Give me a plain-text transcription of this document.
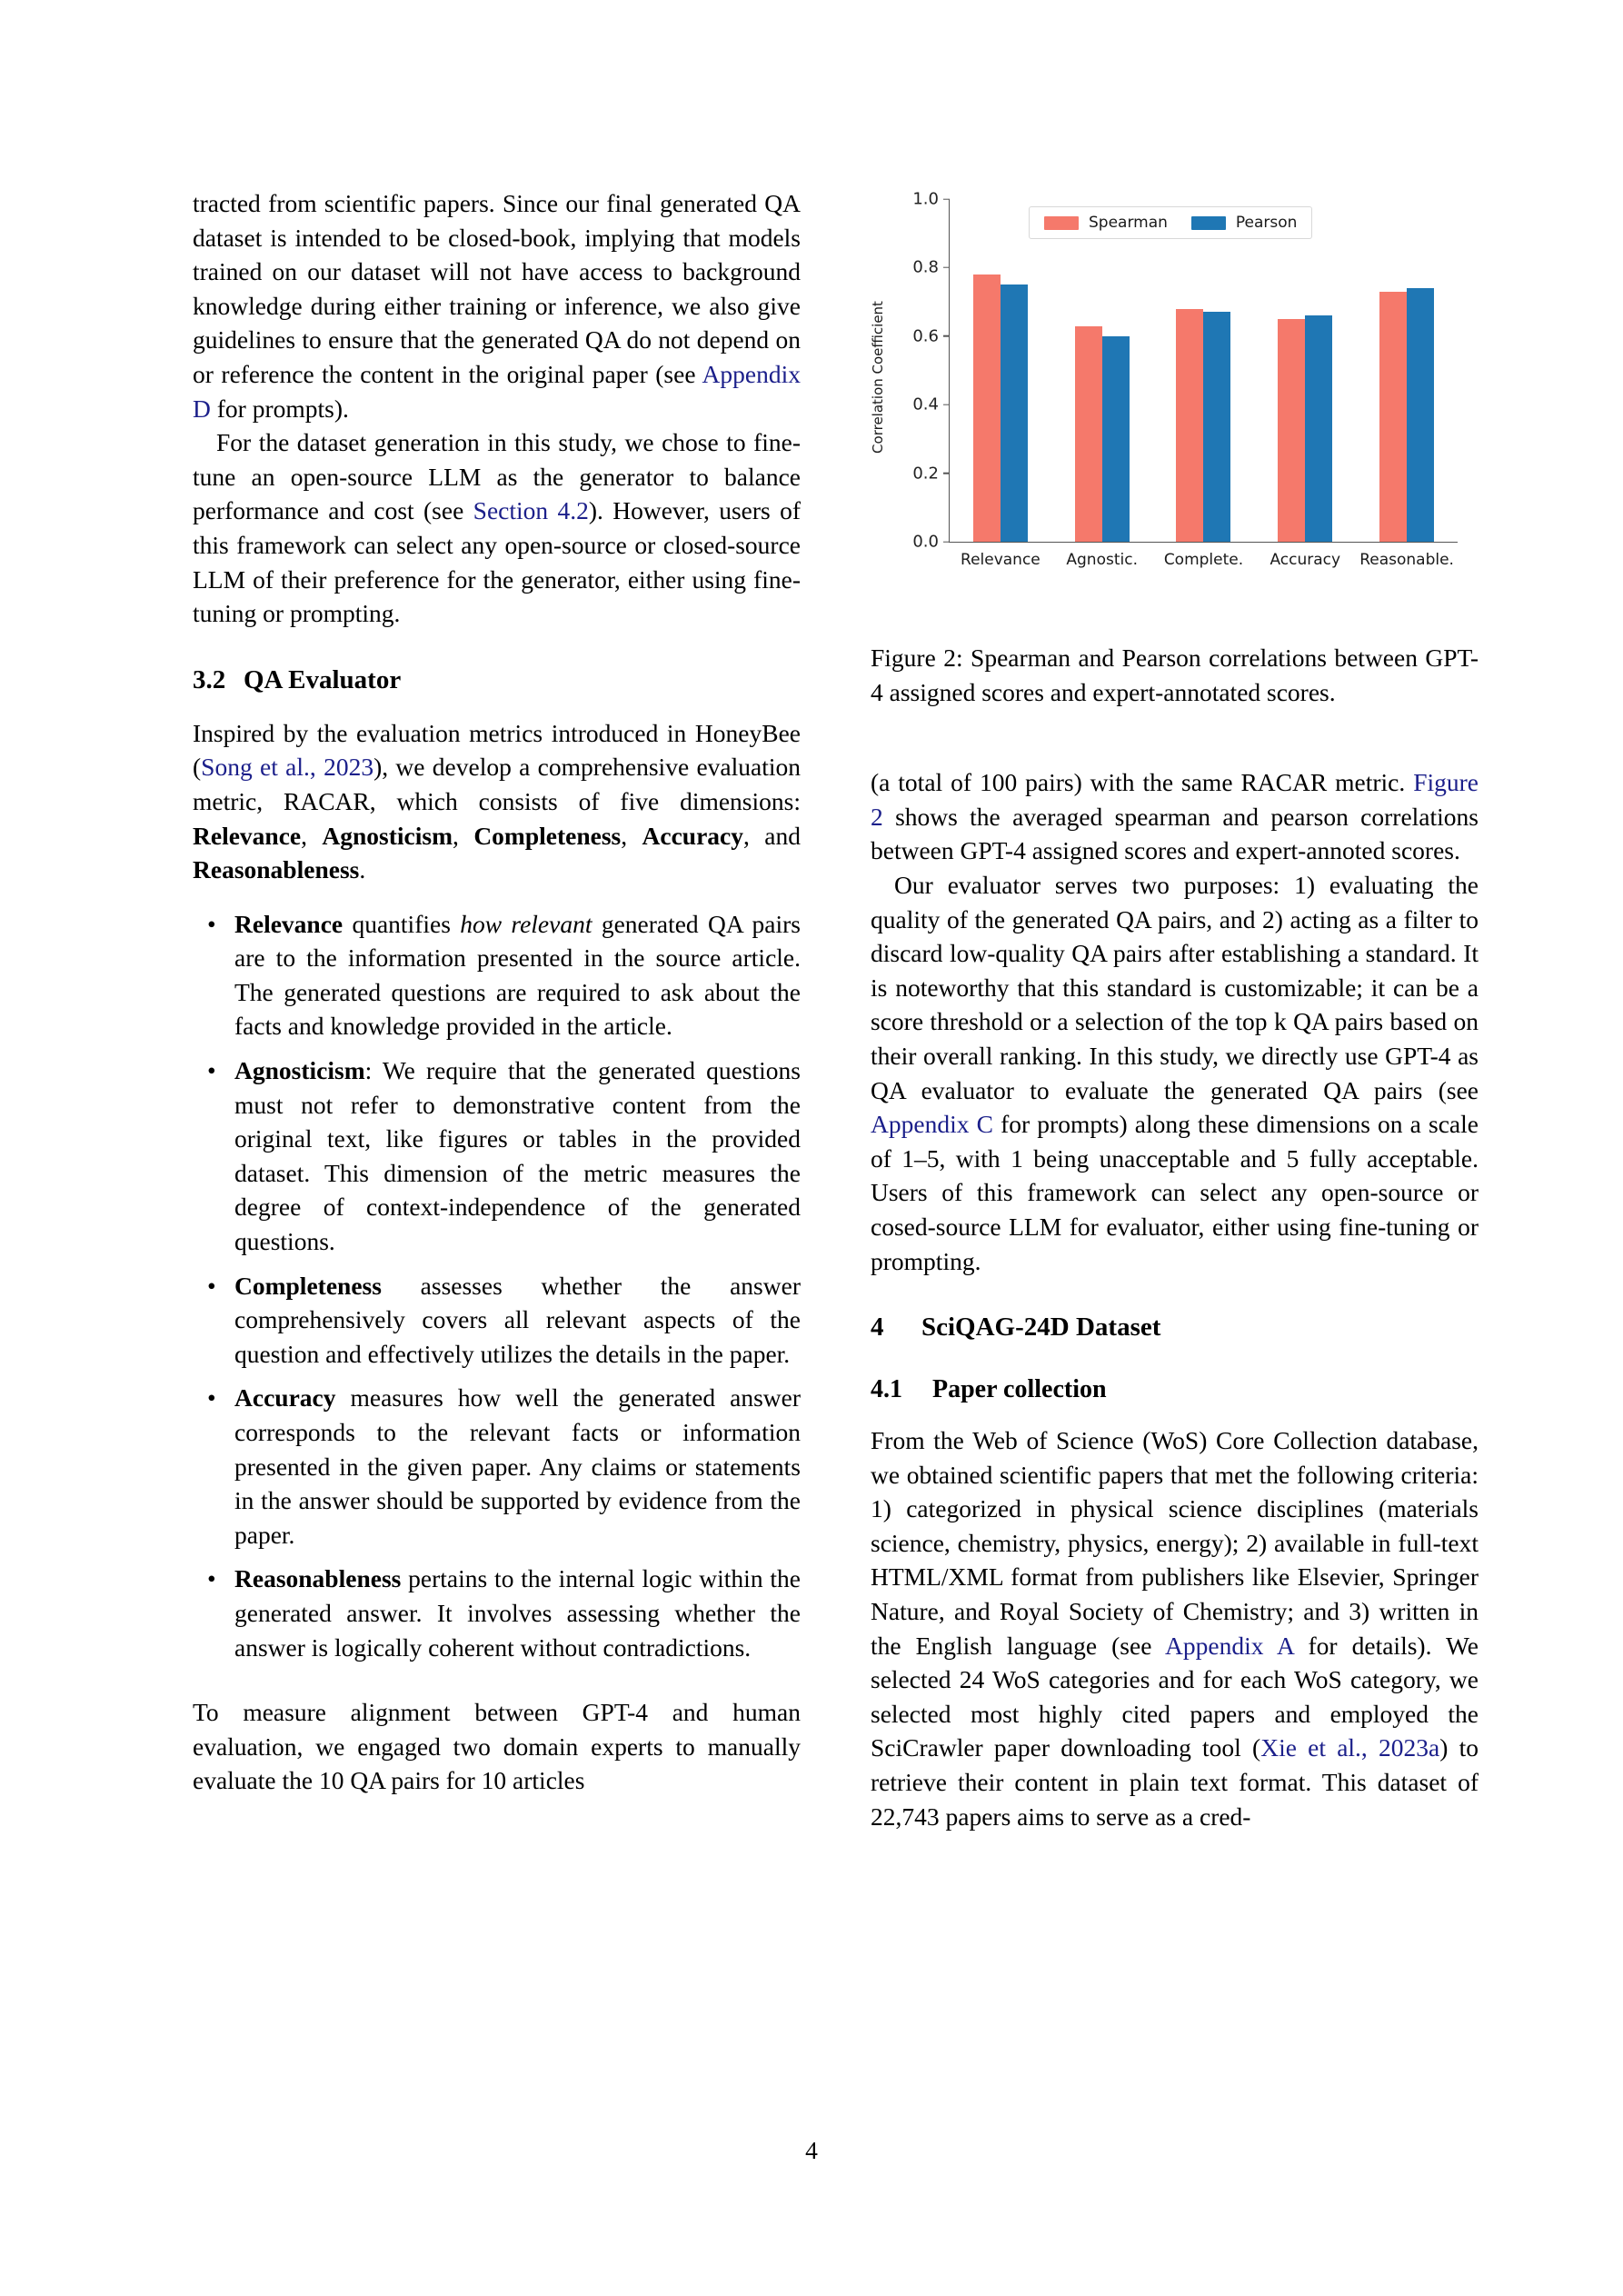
tracted from scientific papers. Since our final generated QA dataset is intended to be closed-book, implying that models trained on our dataset will not have access to background knowledge during either training or inference, we also give guidelines to ensure that the generated QA do not depend on or reference the content in the original paper (see Appendix D for prompts).

For the dataset generation in this study, we chose to fine-tune an open-source LLM as the generator to balance performance and cost (see Section 4.2). However, users of this framework can select any open-source or closed-source LLM of their preference for the generator, either using fine-tuning or prompting.

3.2 QA Evaluator

Inspired by the evaluation metrics introduced in HoneyBee (Song et al., 2023), we develop a comprehensive evaluation metric, RACAR, which consists of five dimensions: Relevance, Agnosticism, Completeness, Accuracy, and Reasonableness.

• Relevance quantifies how relevant generated QA pairs are to the information presented in the source article. The generated questions are required to ask about the facts and knowledge provided in the article.
• Agnosticism: We require that the generated questions must not refer to demonstrative content from the original text, like figures or tables in the provided dataset. This dimension of the metric measures the degree of context-independence of the generated questions.
• Completeness assesses whether the answer comprehensively covers all relevant aspects of the question and effectively utilizes the details in the paper.
• Accuracy measures how well the generated answer corresponds to the relevant facts or information presented in the given paper. Any claims or statements in the answer should be supported by evidence from the paper.
• Reasonableness pertains to the internal logic within the generated answer. It involves assessing whether the answer is logically coherent without contradictions.

To measure alignment between GPT-4 and human evaluation, we engaged two domain experts to manually evaluate the 10 QA pairs for 10 articles

Correlation Coefficient
0.0
0.2
0.4
0.6
0.8
1.0
Relevance Agnostic. Complete. Accuracy Reasonable.
Spearman	Pearson

Figure 2: Spearman and Pearson correlations between GPT-4 assigned scores and expert-annotated scores.

(a total of 100 pairs) with the same RACAR metric. Figure 2 shows the averaged spearman and pearson correlations between GPT-4 assigned scores and expert-annoted scores.

Our evaluator serves two purposes: 1) evaluating the quality of the generated QA pairs, and 2) acting as a filter to discard low-quality QA pairs after establishing a standard. It is noteworthy that this standard is customizable; it can be a score threshold or a selection of the top k QA pairs based on their overall ranking. In this study, we directly use GPT-4 as QA evaluator to evaluate the generated QA pairs (see Appendix C for prompts) along these dimensions on a scale of 1–5, with 1 being unacceptable and 5 fully acceptable. Users of this framework can select any open-source or cosed-source LLM for evaluator, either using fine-tuning or prompting.

4 SciQAG-24D Dataset
4.1 Paper collection

From the Web of Science (WoS) Core Collection database, we obtained scientific papers that met the following criteria: 1) categorized in physical science disciplines (materials science, chemistry, physics, energy); 2) available in full-text HTML/XML format from publishers like Elsevier, Springer Nature, and Royal Society of Chemistry; and 3) written in the English language (see Appendix A for details). We selected 24 WoS categories and for each WoS category, we selected most highly cited papers and employed the SciCrawler paper downloading tool (Xie et al., 2023a) to retrieve their content in plain text format. This dataset of 22,743 papers aims to serve as a cred-

4
